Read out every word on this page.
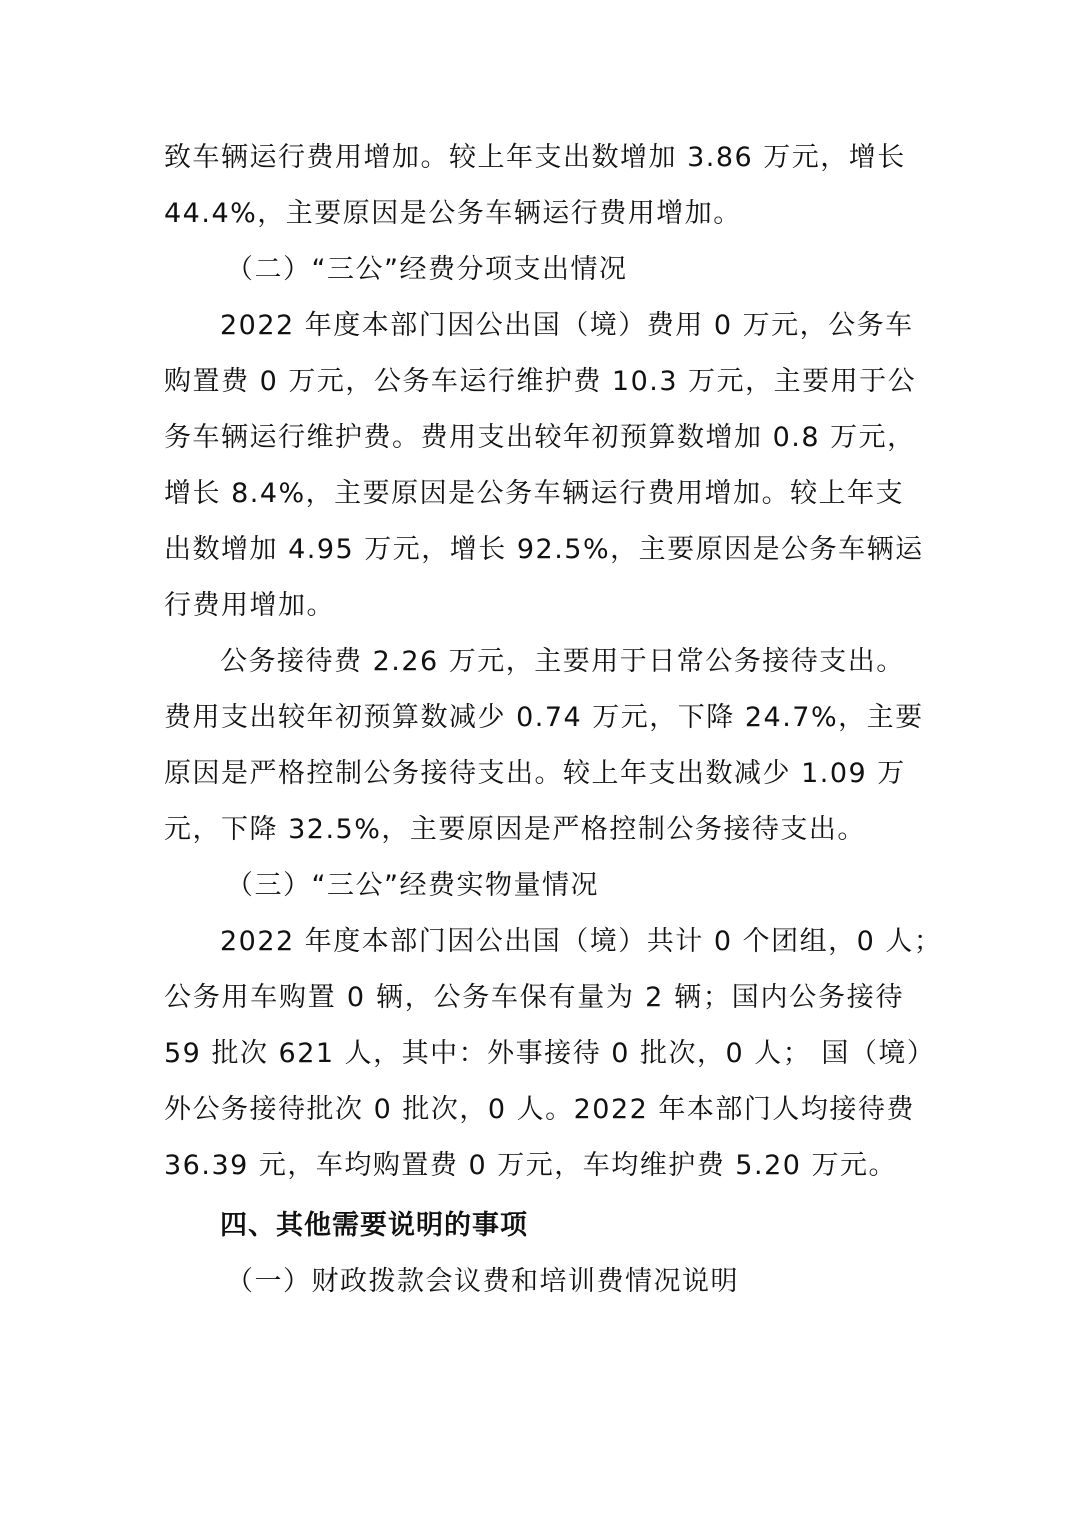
致车辆运行费用增加。较上年支出数增加 3.86 万元，增长
44.4%，主要原因是公务车辆运行费用增加。
（二）“三公”经费分项支出情况
2022 年度本部门因公出国（境）费用 0 万元，公务车
购置费 0 万元，公务车运行维护费 10.3 万元，主要用于公
务车辆运行维护费。费用支出较年初预算数增加 0.8 万元，
增长 8.4%，主要原因是公务车辆运行费用增加。较上年支
出数增加 4.95 万元，增长 92.5%，主要原因是公务车辆运
行费用增加。
公务接待费 2.26 万元，主要用于日常公务接待支出。
费用支出较年初预算数减少 0.74 万元，下降 24.7%，主要
原因是严格控制公务接待支出。较上年支出数减少 1.09 万
元，下降 32.5%，主要原因是严格控制公务接待支出。
（三）“三公”经费实物量情况
2022 年度本部门因公出国（境）共计 0 个团组，0 人；
公务用车购置 0 辆，公务车保有量为 2 辆；国内公务接待
59 批次 621 人，其中：外事接待 0 批次，0 人； 国（境）
外公务接待批次 0 批次，0 人。2022 年本部门人均接待费
36.39 元，车均购置费 0 万元，车均维护费 5.20 万元。
四、其他需要说明的事项
（一）财政拨款会议费和培训费情况说明
